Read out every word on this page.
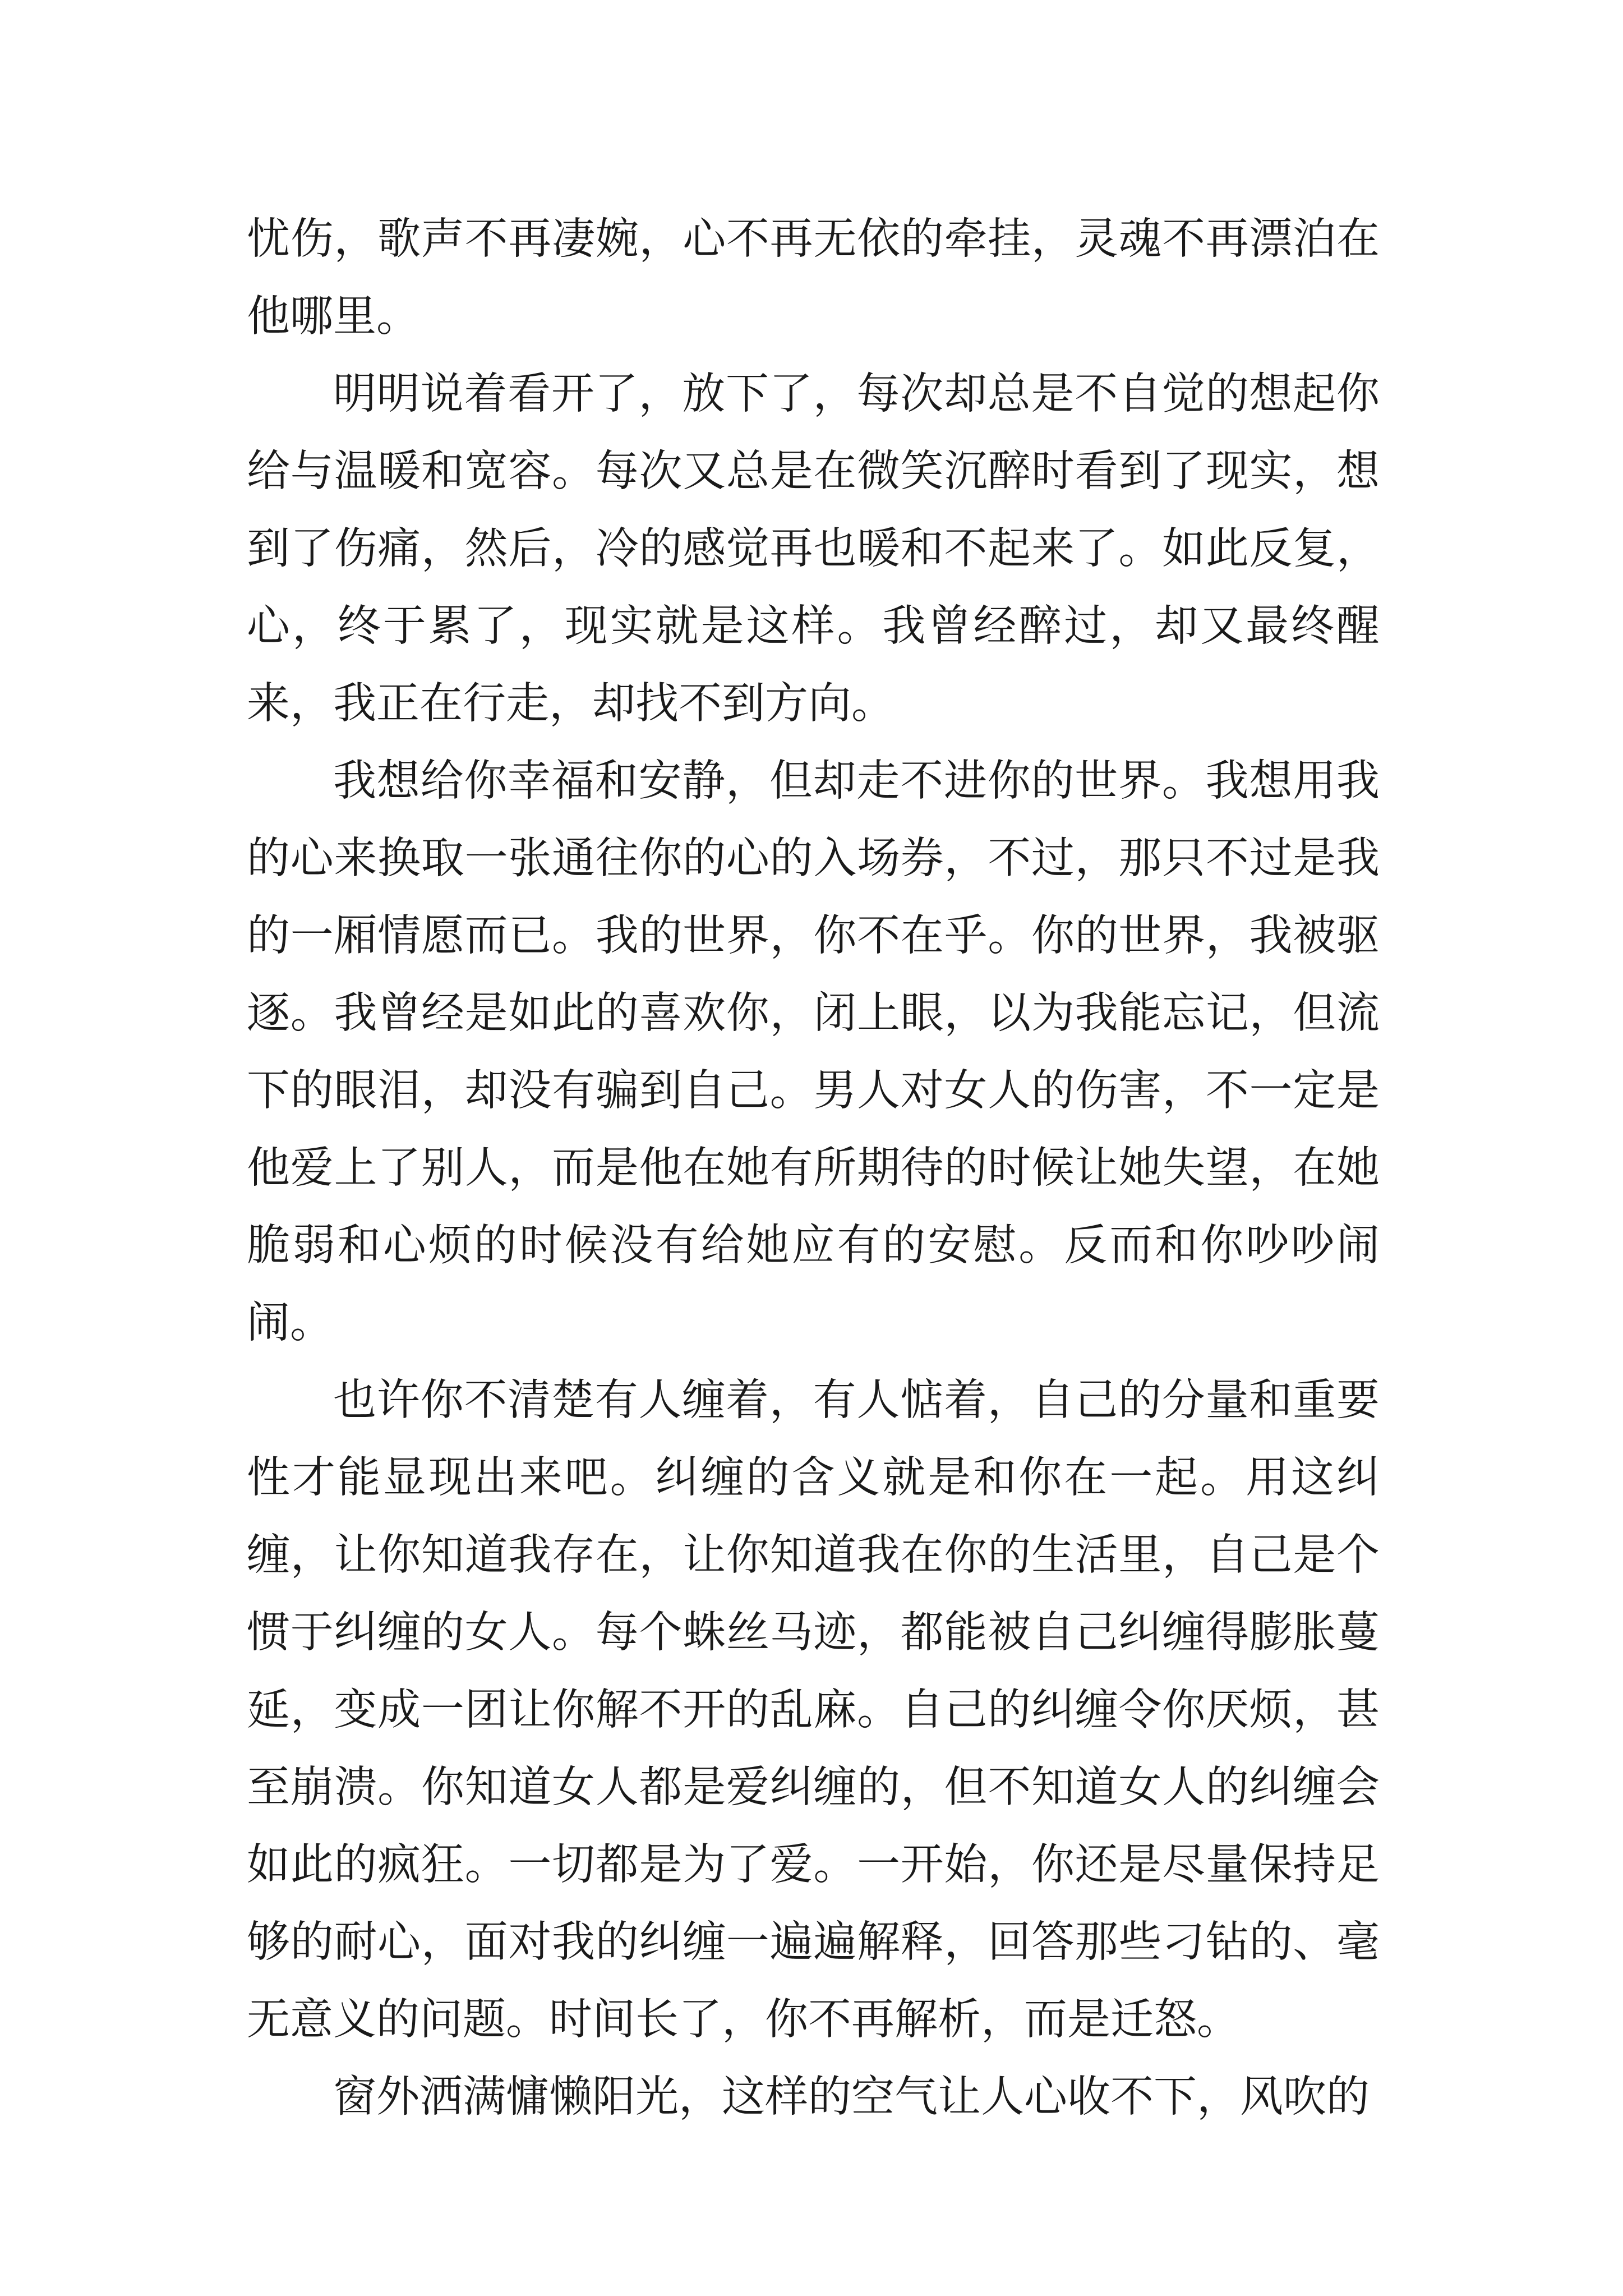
忧伤，歌声不再凄婉，心不再无依的牵挂，灵魂不再漂泊在他哪里。

明明说着看开了，放下了，每次却总是不自觉的想起你给与温暖和宽容。每次又总是在微笑沉醉时看到了现实，想到了伤痛，然后，冷的感觉再也暖和不起来了。如此反复，心，终于累了，现实就是这样。我曾经醉过，却又最终醒来，我正在行走，却找不到方向。

我想给你幸福和安静，但却走不进你的世界。我想用我的心来换取一张通往你的心的入场券，不过，那只不过是我的一厢情愿而已。我的世界，你不在乎。你的世界，我被驱逐。我曾经是如此的喜欢你，闭上眼，以为我能忘记，但流下的眼泪，却没有骗到自己。男人对女人的伤害，不一定是他爱上了别人，而是他在她有所期待的时候让她失望，在她脆弱和心烦的时候没有给她应有的安慰。反而和你吵吵闹闹。

也许你不清楚有人缠着，有人惦着，自己的分量和重要性才能显现出来吧。纠缠的含义就是和你在一起。用这纠缠，让你知道我存在，让你知道我在你的生活里，自己是个惯于纠缠的女人。每个蛛丝马迹，都能被自己纠缠得膨胀蔓延，变成一团让你解不开的乱麻。自己的纠缠令你厌烦，甚至崩溃。你知道女人都是爱纠缠的，但不知道女人的纠缠会如此的疯狂。一切都是为了爱。一开始，你还是尽量保持足够的耐心，面对我的纠缠一遍遍解释，回答那些刁钻的、毫无意义的问题。时间长了，你不再解析，而是迁怒。

窗外洒满慵懒阳光，这样的空气让人心收不下，风吹的
